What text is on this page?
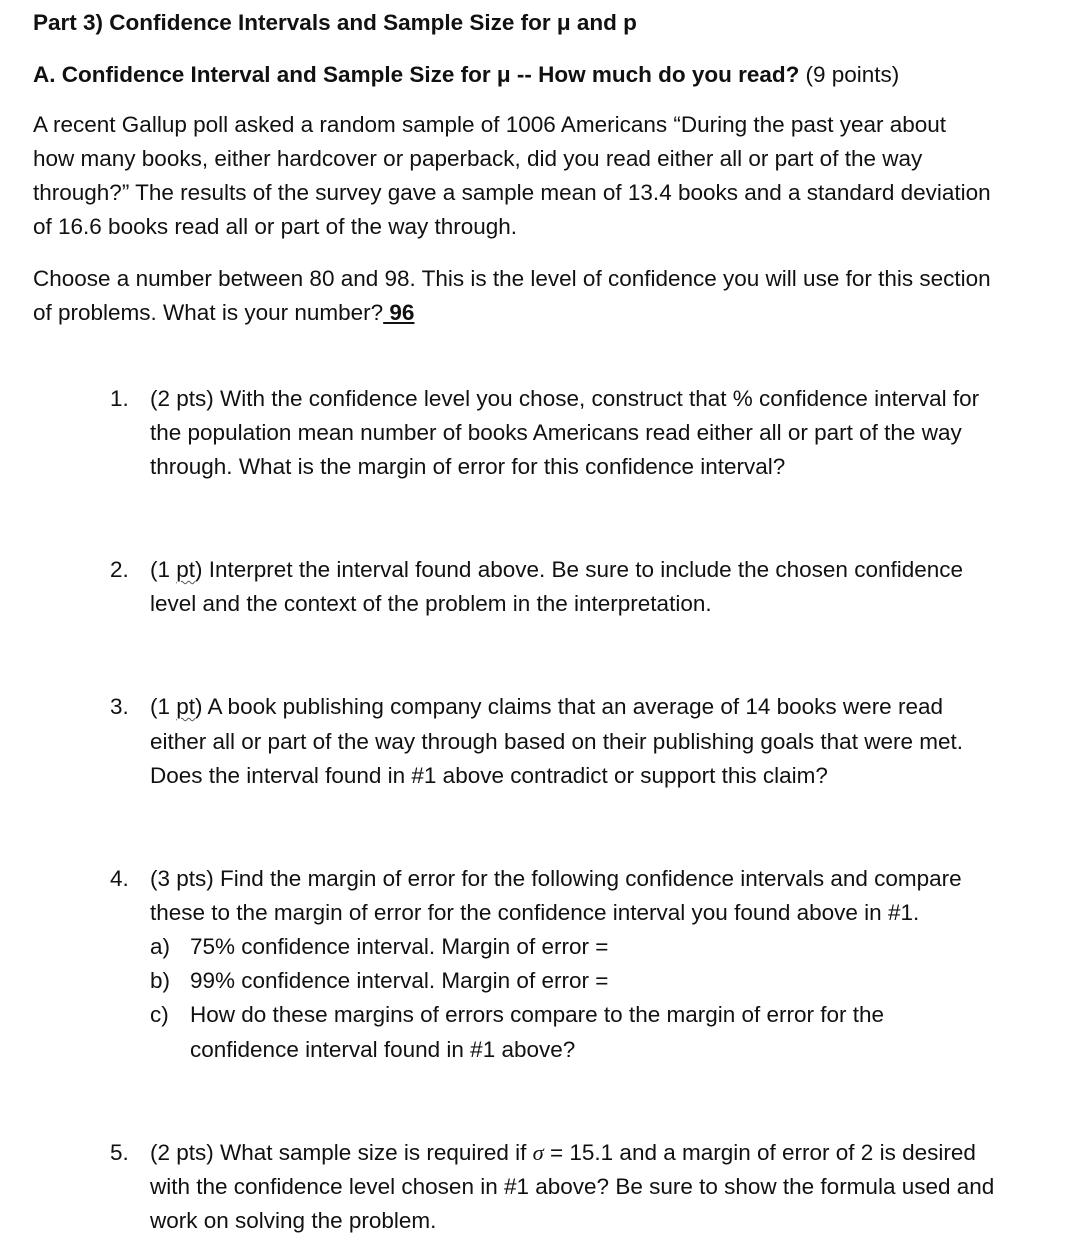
Part 3) Confidence Intervals and Sample Size for μ and p
A. Confidence Interval and Sample Size for μ -- How much do you read? (9 points)
A recent Gallup poll asked a random sample of 1006 Americans “During the past year about
how many books, either hardcover or paperback, did you read either all or part of the way
through?” The results of the survey gave a sample mean of 13.4 books and a standard deviation
of 16.6 books read all or part of the way through.
Choose a number between 80 and 98. This is the level of confidence you will use for this section
of problems. What is your number? 96
1. (2 pts) With the confidence level you chose, construct that % confidence interval for
the population mean number of books Americans read either all or part of the way
through. What is the margin of error for this confidence interval?
2. (1 pt) Interpret the interval found above. Be sure to include the chosen confidence
level and the context of the problem in the interpretation.
3. (1 pt) A book publishing company claims that an average of 14 books were read
either all or part of the way through based on their publishing goals that were met.
Does the interval found in #1 above contradict or support this claim?
4. (3 pts) Find the margin of error for the following confidence intervals and compare
these to the margin of error for the confidence interval you found above in #1.
a) 75% confidence interval. Margin of error =
b) 99% confidence interval. Margin of error =
c) How do these margins of errors compare to the margin of error for the
confidence interval found in #1 above?
5. (2 pts) What sample size is required if σ = 15.1 and a margin of error of 2 is desired
with the confidence level chosen in #1 above? Be sure to show the formula used and
work on solving the problem.
